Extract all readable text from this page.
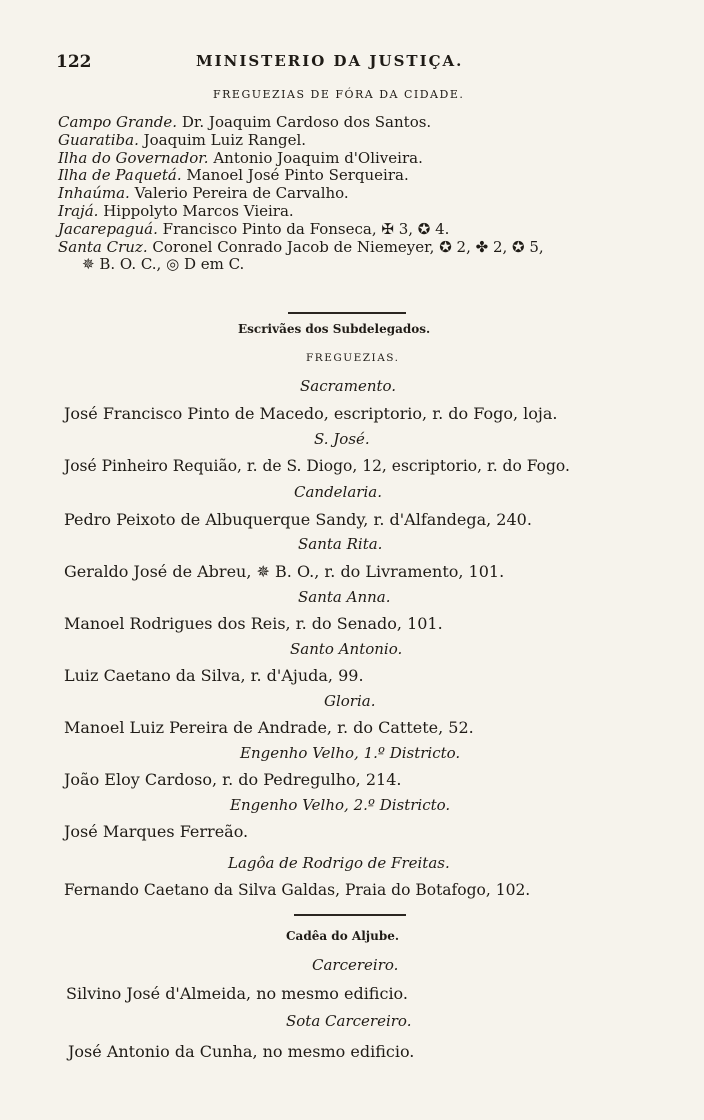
122	MINISTERIO DA JUSTIÇA.
FREGUEZIAS DE FÓRA DA CIDADE.
Campo Grande. Dr. Joaquim Cardoso dos Santos.
Guaratiba. Joaquim Luiz Rangel.
Ilha do Governador. Antonio Joaquim d'Oliveira.
Ilha de Paquetá. Manoel José Pinto Serqueira.
Inhaúma. Valerio Pereira de Carvalho.
Irajá. Hippolyto Marcos Vieira.
Jacarepaguá. Francisco Pinto da Fonseca, ✠ 3, ✪ 4.
Santa Cruz. Coronel Conrado Jacob de Niemeyer, ✪ 2, ✤ 2, ✪ 5,
✵ B. O. C., ◎ D em C.
Escrivães dos Subdelegados.
FREGUEZIAS.
Sacramento.
José Francisco Pinto de Macedo, escriptorio, r. do Fogo, loja.
S. José.
José Pinheiro Requião, r. de S. Diogo, 12, escriptorio, r. do Fogo.
Candelaria.
Pedro Peixoto de Albuquerque Sandy, r. d'Alfandega, 240.
Santa Rita.
Geraldo José de Abreu, ✵ B. O., r. do Livramento, 101.
Santa Anna.
Manoel Rodrigues dos Reis, r. do Senado, 101.
Santo Antonio.
Luiz Caetano da Silva, r. d'Ajuda, 99.
Gloria.
Manoel Luiz Pereira de Andrade, r. do Cattete, 52.
Engenho Velho, 1.º Districto.
João Eloy Cardoso, r. do Pedregulho, 214.
Engenho Velho, 2.º Districto.
José Marques Ferreão.
Lagôa de Rodrigo de Freitas.
Fernando Caetano da Silva Galdas, Praia do Botafogo, 102.
Cadêa do Aljube.
Carcereiro.
Silvino José d'Almeida, no mesmo edificio.
Sota Carcereiro.
José Antonio da Cunha, no mesmo edificio.
